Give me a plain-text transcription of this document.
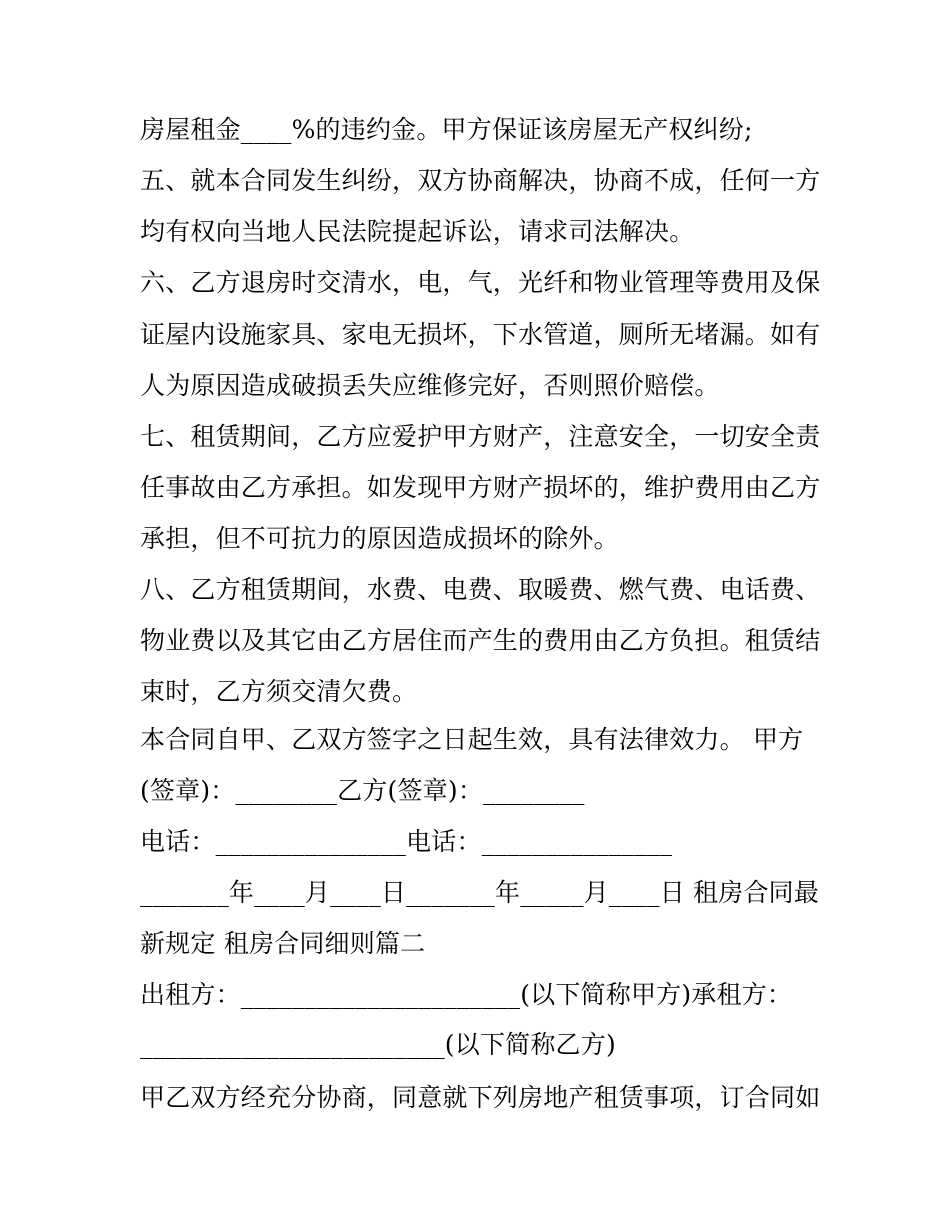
房屋租金____%的违约金。甲方保证该房屋无产权纠纷;
五、就本合同发生纠纷，双方协商解决，协商不成，任何一方
均有权向当地人民法院提起诉讼，请求司法解决。
六、乙方退房时交清水，电，气，光纤和物业管理等费用及保
证屋内设施家具、家电无损坏，下水管道，厕所无堵漏。如有
人为原因造成破损丢失应维修完好，否则照价赔偿。
七、租赁期间，乙方应爱护甲方财产，注意安全，一切安全责
任事故由乙方承担。如发现甲方财产损坏的，维护费用由乙方
承担，但不可抗力的原因造成损坏的除外。
八、乙方租赁期间，水费、电费、取暖费、燃气费、电话费、
物业费以及其它由乙方居住而产生的费用由乙方负担。租赁结
束时，乙方须交清欠费。
本合同自甲、乙双方签字之日起生效，具有法律效力。 甲方
(签章)：________乙方(签章)：________
电话：_______________电话：_______________
_______年____月____日_______年_____月____日 租房合同最
新规定 租房合同细则篇二
出租方：______________________(以下简称甲方)承租方：
________________________(以下简称乙方)
甲乙双方经充分协商，同意就下列房地产租赁事项，订合同如
